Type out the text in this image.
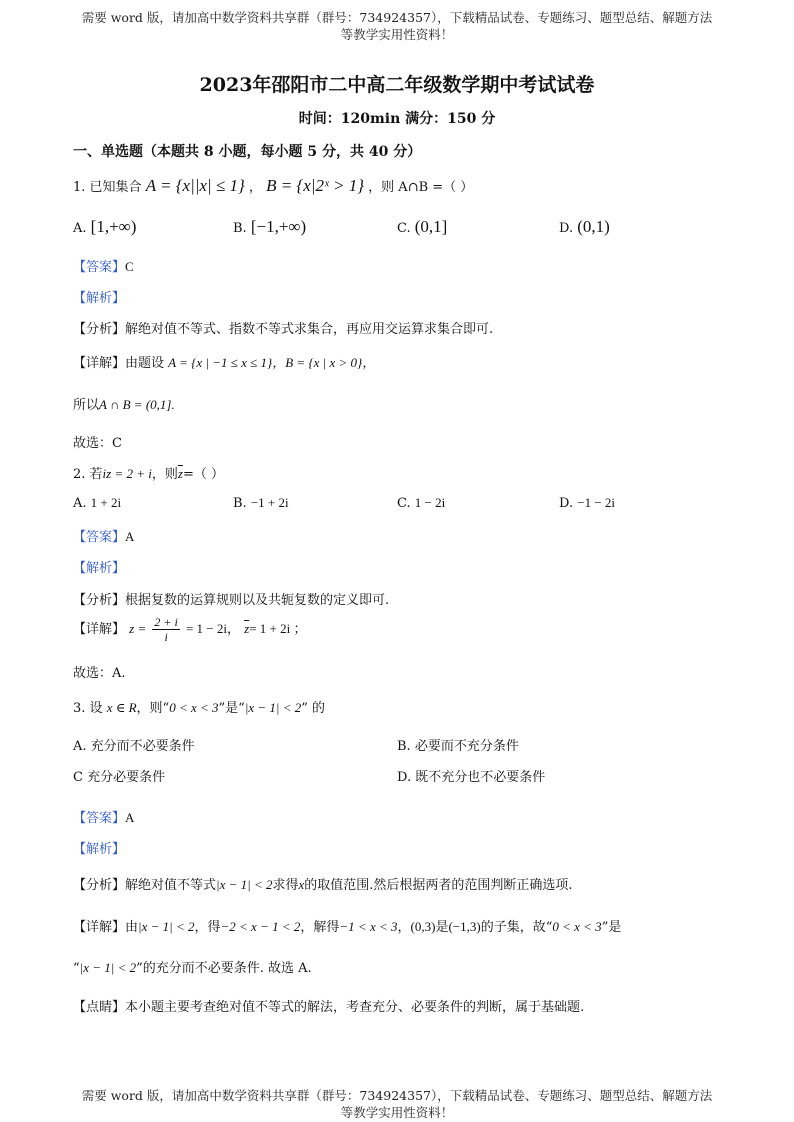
需要 word 版，请加高中数学资料共享群（群号：734924357），下载精品试卷、专题练习、题型总结、解题方法
等教学实用性资料！
2023年邵阳市二中高二年级数学期中考试试卷
时间：120min 满分：150 分
一、单选题（本题共 8 小题，每小题 5 分，共 40 分）
1. 已知集合 A = {x||x| ≤ 1} ， B = {x|2ˣ > 1} ，则 A∩B =（ ）
A. [1,+∞)	B. [−1,+∞)	C. (0,1]	D. (0,1)
【答案】C
【解析】
【分析】解绝对值不等式、指数不等式求集合，再应用交运算求集合即可.
【详解】由题设 A = {x | −1 ≤ x ≤ 1}，B = {x | x > 0}，
所以A ∩ B = (0,1].
故选：C
2. 若iz = 2 + i，则$\overline{z}=$（ ）
A. 1 + 2i	B. −1 + 2i	C. 1 − 2i	D. −1 − 2i
【答案】A
【解析】
【分析】根据复数的运算规则以及共轭复数的定义即可.
【详解】 $z = \frac{2 + i}{i} = 1 - 2i$， $\overline{z}= 1 + 2i$ ；
故选：A.
3. 设 x ∈ R，则“0 < x < 3”是“|x − 1| < 2” 的
A. 充分而不必要条件	B. 必要而不充分条件
C 充分必要条件	D. 既不充分也不必要条件
【答案】A
【解析】
【分析】解绝对值不等式|x − 1| < 2求得x的取值范围.然后根据两者的范围判断正确选项.
【详解】由|x − 1| < 2，得−2 < x − 1 < 2，解得−1 < x < 3，(0,3)是(−1,3)的子集，故“0 < x < 3”是
“|x − 1| < 2”的充分而不必要条件. 故选 A.
【点睛】本小题主要考查绝对值不等式的解法，考查充分、必要条件的判断，属于基础题.
需要 word 版，请加高中数学资料共享群（群号：734924357），下载精品试卷、专题练习、题型总结、解题方法
等教学实用性资料！
